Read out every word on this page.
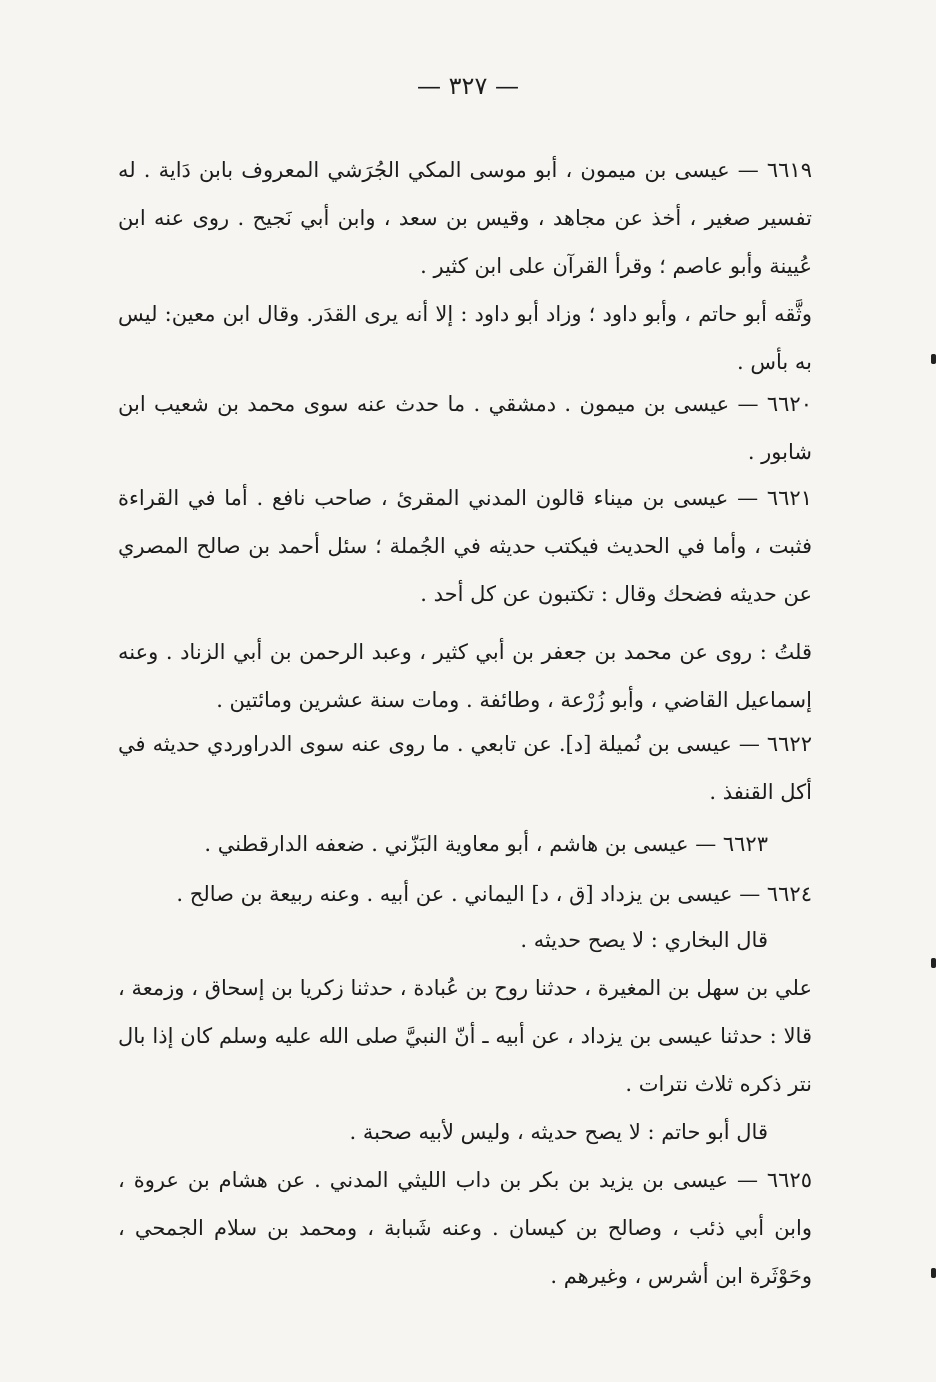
— ٣٢٧ —

٦٦١٩ — عيسى بن ميمون ، أبو موسى المكي الجُرَشي المعروف بابن دَاية . له تفسير صغير ، أخذ عن مجاهد ، وقيس بن سعد ، وابن أبي نَجيح . روى عنه ابن عُيينة وأبو عاصم ؛ وقرأ القرآن على ابن كثير .

وثَّقه أبو حاتم ، وأبو داود ؛ وزاد أبو داود : إلا أنه يرى القدَر. وقال ابن معين: ليس به بأس .

٦٦٢٠ — عيسى بن ميمون . دمشقي . ما حدث عنه سوى محمد بن شعيب ابن شابور .

٦٦٢١ — عيسى بن ميناء قالون المدني المقرئ ، صاحب نافع . أما في القراءة فثبت ، وأما في الحديث فيكتب حديثه في الجُملة ؛ سئل أحمد بن صالح المصري عن حديثه فضحك وقال : تكتبون عن كل أحد .

قلتُ : روى عن محمد بن جعفر بن أبي كثير ، وعبد الرحمن بن أبي الزناد . وعنه إسماعيل القاضي ، وأبو زُرْعة ، وطائفة . ومات سنة عشرين ومائتين .

٦٦٢٢ — عيسى بن نُميلة [د]. عن تابعي . ما روى عنه سوى الدراوردي حديثه في أكل القنفذ .

٦٦٢٣ — عيسى بن هاشم ، أبو معاوية البَزّني . ضعفه الدارقطني .

٦٦٢٤ — عيسى بن يزداد [ق ، د] اليماني . عن أبيه . وعنه ربيعة بن صالح .

قال البخاري : لا يصح حديثه .

علي بن سهل بن المغيرة ، حدثنا روح بن عُبادة ، حدثنا زكريا بن إسحاق ، وزمعة ، قالا : حدثنا عيسى بن يزداد ، عن أبيه ـ أنّ النبيَّ صلى الله عليه وسلم كان إذا بال نتر ذكره ثلاث نترات .

قال أبو حاتم : لا يصح حديثه ، وليس لأبيه صحبة .

٦٦٢٥ — عيسى بن يزيد بن بكر بن داب الليثي المدني . عن هشام بن عروة ، وابن أبي ذئب ، وصالح بن كيسان . وعنه شَبابة ، ومحمد بن سلام الجمحي ، وحَوْثَرة ابن أشرس ، وغيرهم .
